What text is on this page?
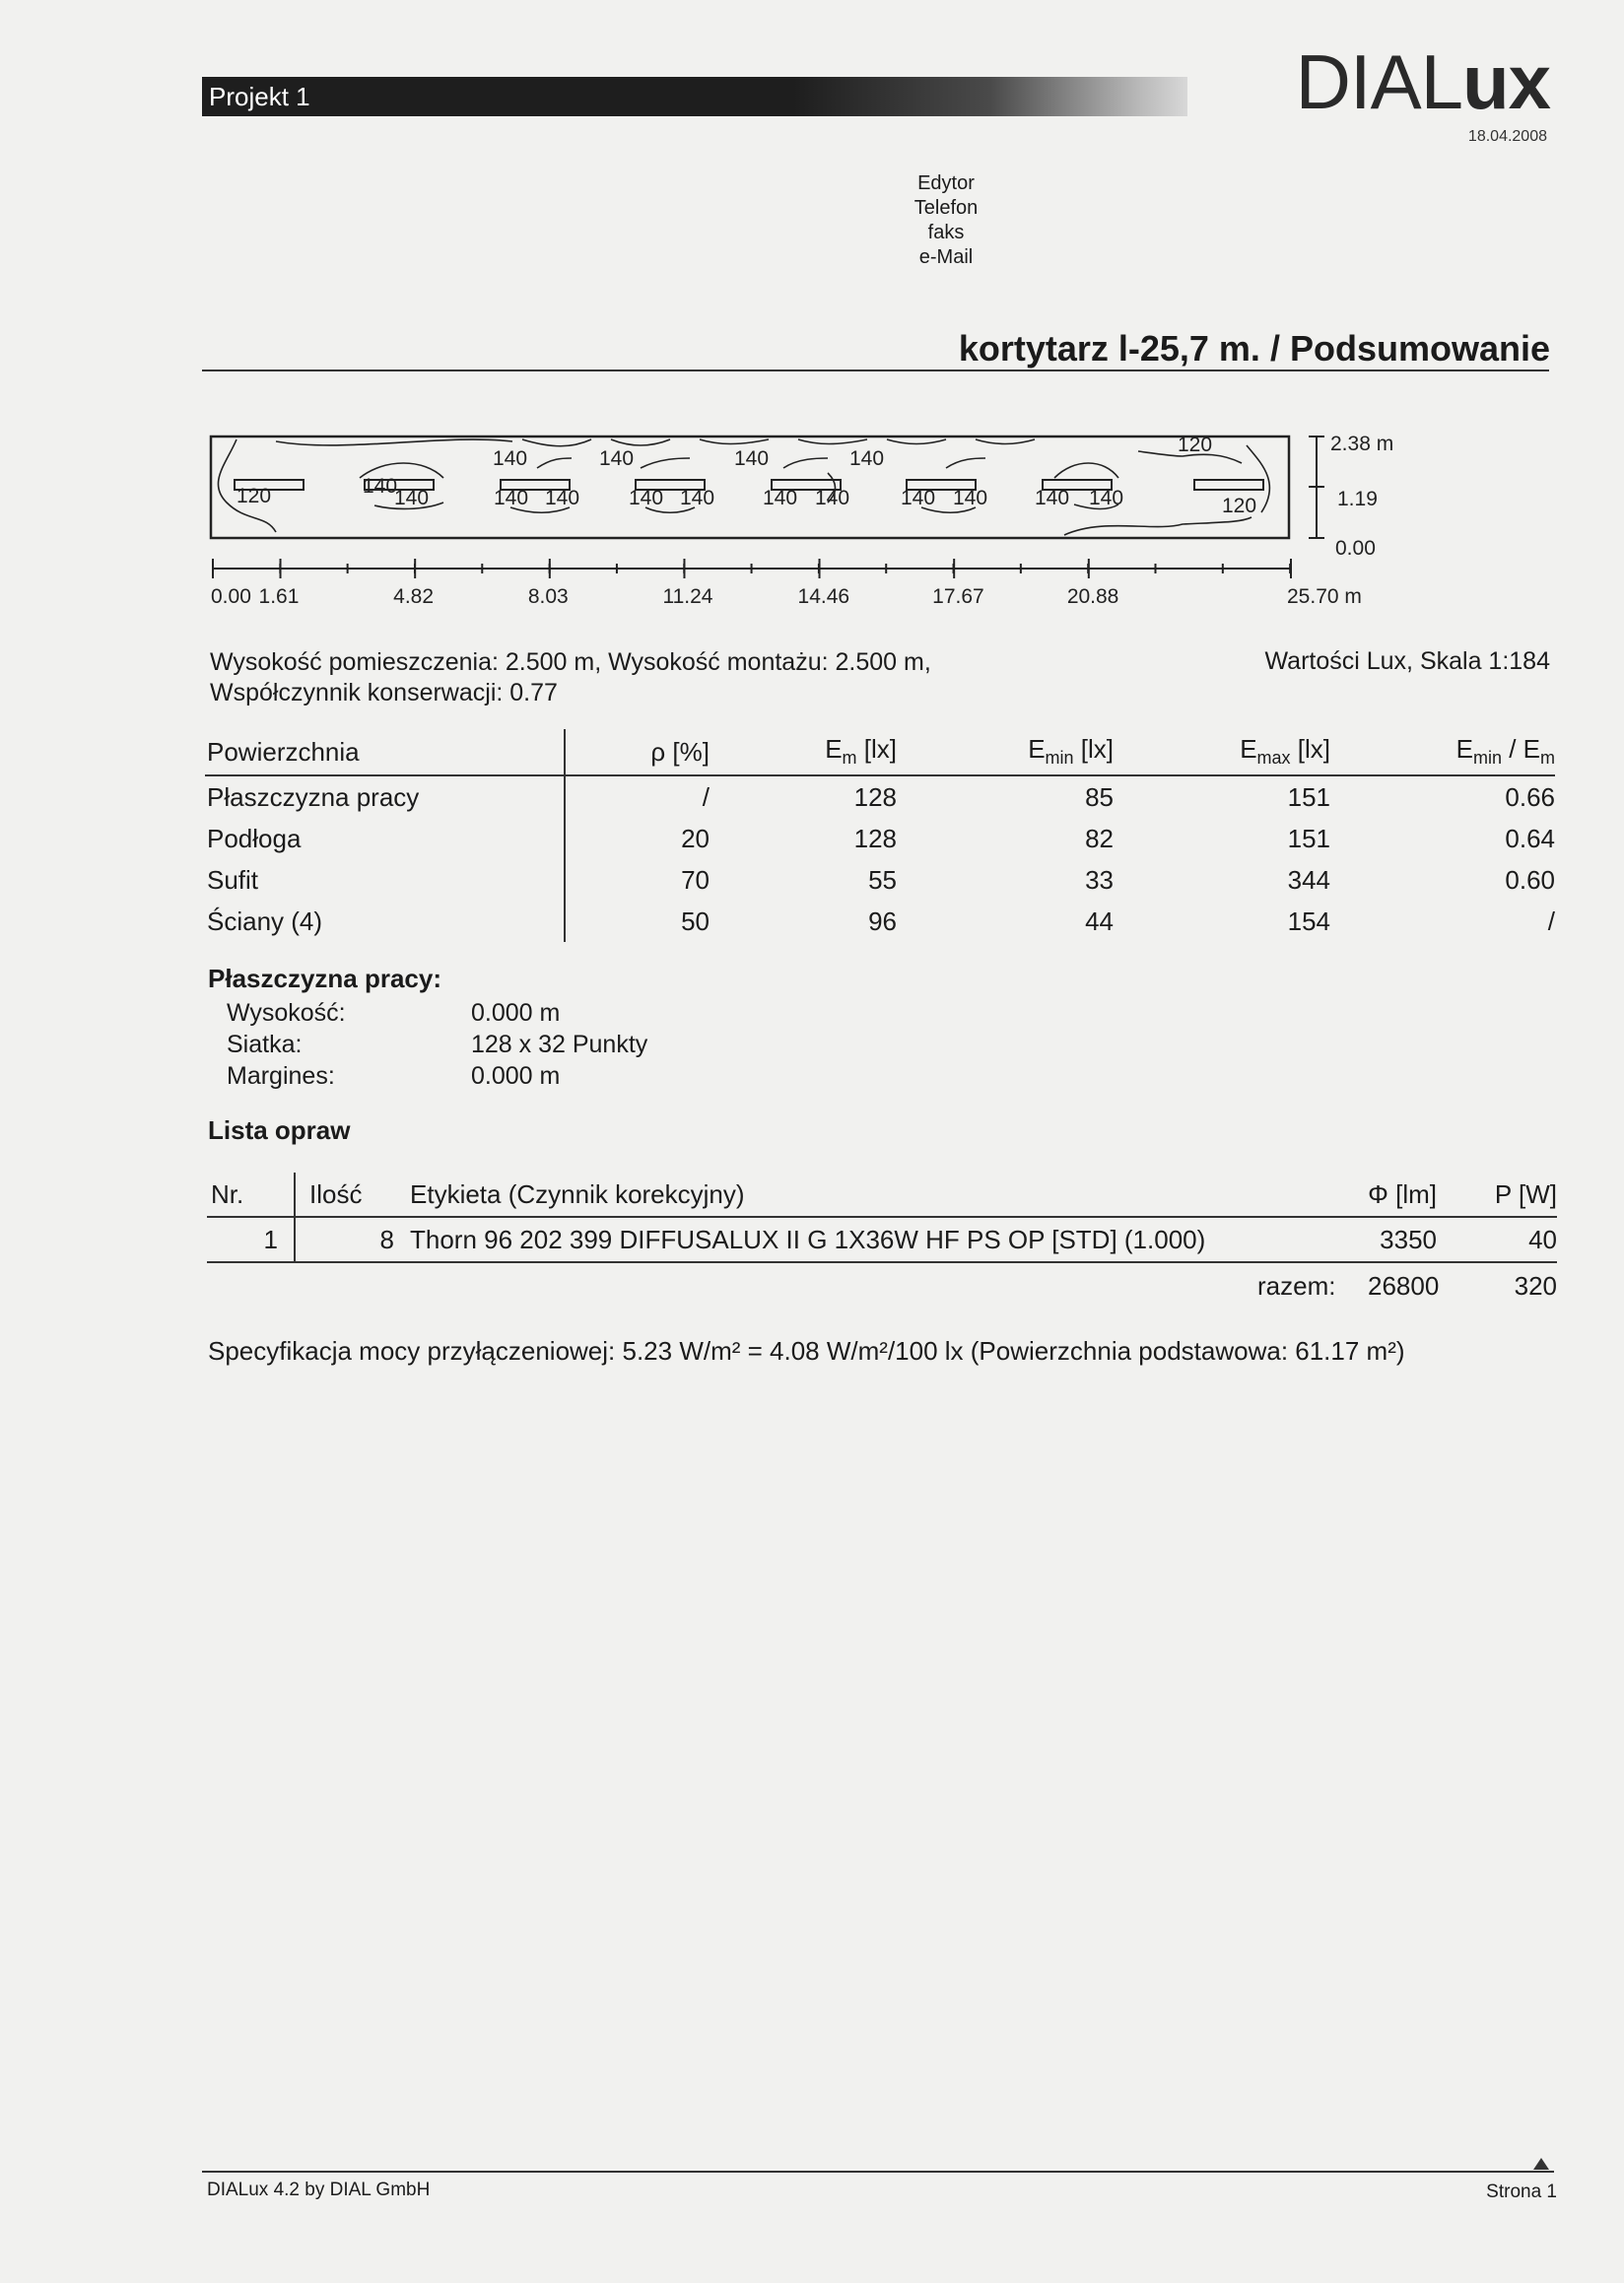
Projekt 1	DIALux
18.04.2008
Edytor
Telefon
faks
e-Mail
kortytarz l-25,7 m. / Podsumowanie
120	140
140
140
140 140
140
140 140
140
140 140
140
140 140 140 140
120
120
2.38 m
1.19
0.00
0.00 1.61	4.82	8.03	11.24	14.46	17.67	20.88	25.70 m
Wysokość pomieszczenia: 2.500 m, Wysokość montażu: 2.500 m,
Współczynnik konserwacji: 0.77
Wartości Lux, Skala 1:184
Powierzchnia	ρ [%]	$E_m$ [lx]	$E_{min}$ [lx]	$E_{max}$ [lx]	$E_{min} / E_m$
Płaszczyzna pracy	/	128	85	151	0.66
Podłoga	20	128	82	151	0.64
Sufit	70	55	33	344	0.60
Ściany (4)	50	96	44	154	/
Płaszczyzna pracy:
Wysokość:	0.000 m
Siatka:	128 x 32 Punkty
Margines:	0.000 m
Lista opraw
Nr.	Ilość	Etykieta (Czynnik korekcyjny)	Φ [lm]	P [W]
1	8	Thorn 96 202 399 DIFFUSALUX II G 1X36W HF PS OP [STD] (1.000)	3350	40
razem: 26800	320
Specyfikacja mocy przyłączeniowej: 5.23 W/m² = 4.08 W/m²/100 lx (Powierzchnia podstawowa: 61.17 m²)
DIALux 4.2 by DIAL GmbH	Strona 1
